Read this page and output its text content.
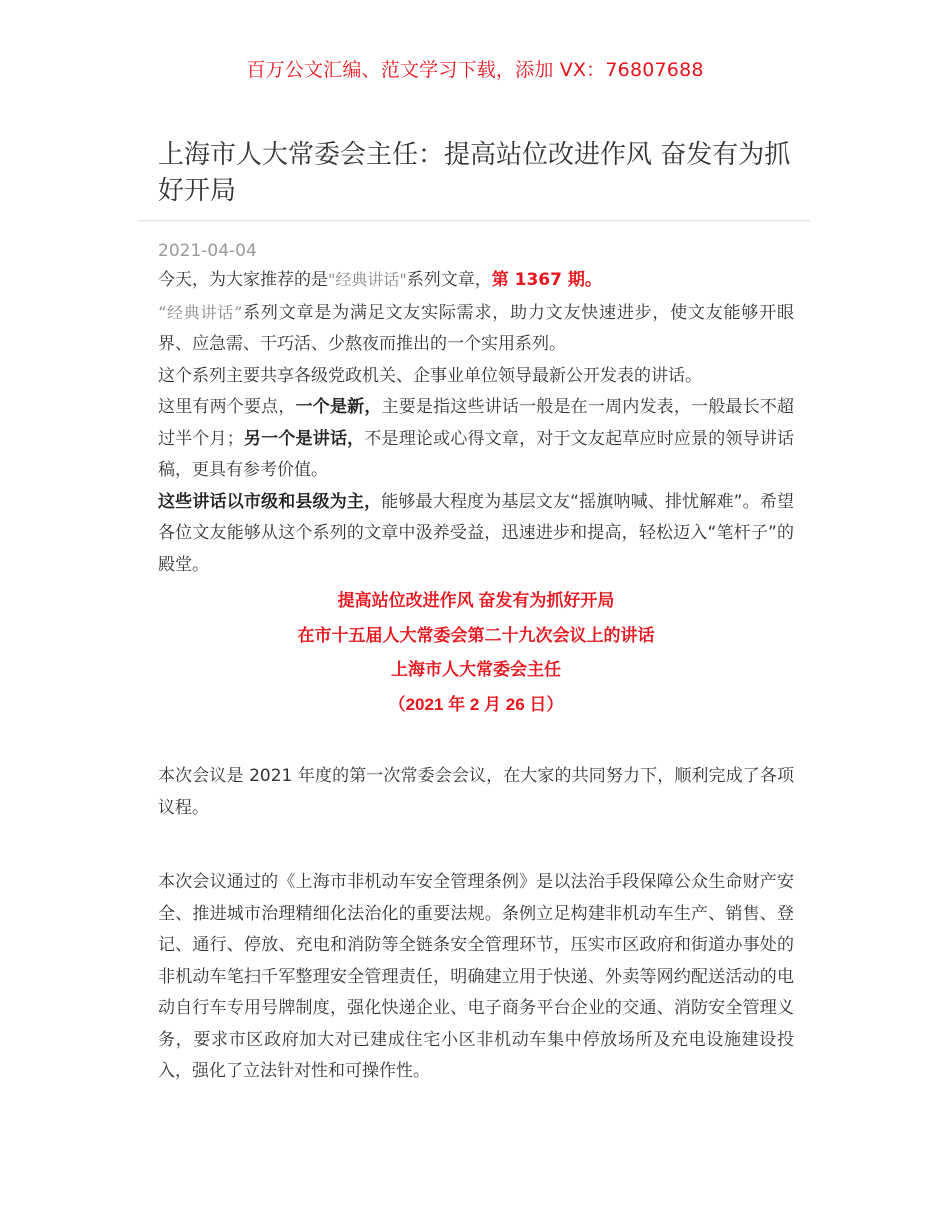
百万公文汇编、范文学习下载，添加 VX：76807688
上海市人大常委会主任：提高站位改进作风 奋发有为抓好开局
2021-04-04

今天，为大家推荐的是"经典讲话"系列文章，第 1367 期。

“经典讲话”系列文章是为满足文友实际需求，助力文友快速进步，使文友能够开眼界、应急需、干巧活、少熬夜而推出的一个实用系列。

这个系列主要共享各级党政机关、企事业单位领导最新公开发表的讲话。

这里有两个要点，一个是新，主要是指这些讲话一般是在一周内发表，一般最长不超过半个月；另一个是讲话，不是理论或心得文章，对于文友起草应时应景的领导讲话稿，更具有参考价值。

这些讲话以市级和县级为主，能够最大程度为基层文友“摇旗呐喊、排忧解难”。希望各位文友能够从这个系列的文章中汲养受益，迅速进步和提高，轻松迈入“笔杆子”的殿堂。

提高站位改进作风 奋发有为抓好开局
在市十五届人大常委会第二十九次会议上的讲话
上海市人大常委会主任
（2021 年 2 月 26 日）

本次会议是 2021 年度的第一次常委会会议，在大家的共同努力下，顺利完成了各项议程。

本次会议通过的《上海市非机动车安全管理条例》是以法治手段保障公众生命财产安全、推进城市治理精细化法治化的重要法规。条例立足构建非机动车生产、销售、登记、通行、停放、充电和消防等全链条安全管理环节，压实市区政府和街道办事处的非机动车笔扫千军整理安全管理责任，明确建立用于快递、外卖等网约配送活动的电动自行车专用号牌制度，强化快递企业、电子商务平台企业的交通、消防安全管理义务，要求市区政府加大对已建成住宅小区非机动车集中停放场所及充电设施建设投入，强化了立法针对性和可操作性。
